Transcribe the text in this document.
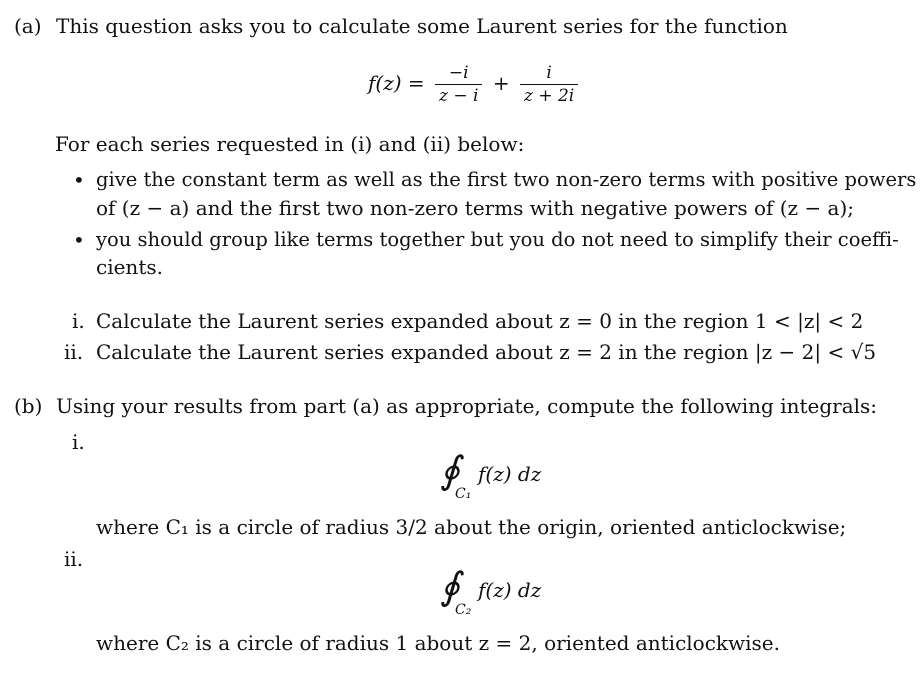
(a) This question asks you to calculate some Laurent series for the function
$f(z) = \frac{-i}{z - i} + \frac{i}{z + 2i}$
For each series requested in (i) and (ii) below:
• give the constant term as well as the first two non-zero terms with positive powers
of (z − a) and the first two non-zero terms with negative powers of (z − a);
• you should group like terms together but you do not need to simplify their coeffi-
cients.
i. Calculate the Laurent series expanded about z = 0 in the region 1 < |z| < 2
ii. Calculate the Laurent series expanded about z = 2 in the region |z − 2| < √5
(b) Using your results from part (a) as appropriate, compute the following integrals:
i.
∮
C₁
f(z) dz
where C₁ is a circle of radius 3/2 about the origin, oriented anticlockwise;
ii.
∮
C₂
f(z) dz
where C₂ is a circle of radius 1 about z = 2, oriented anticlockwise.
